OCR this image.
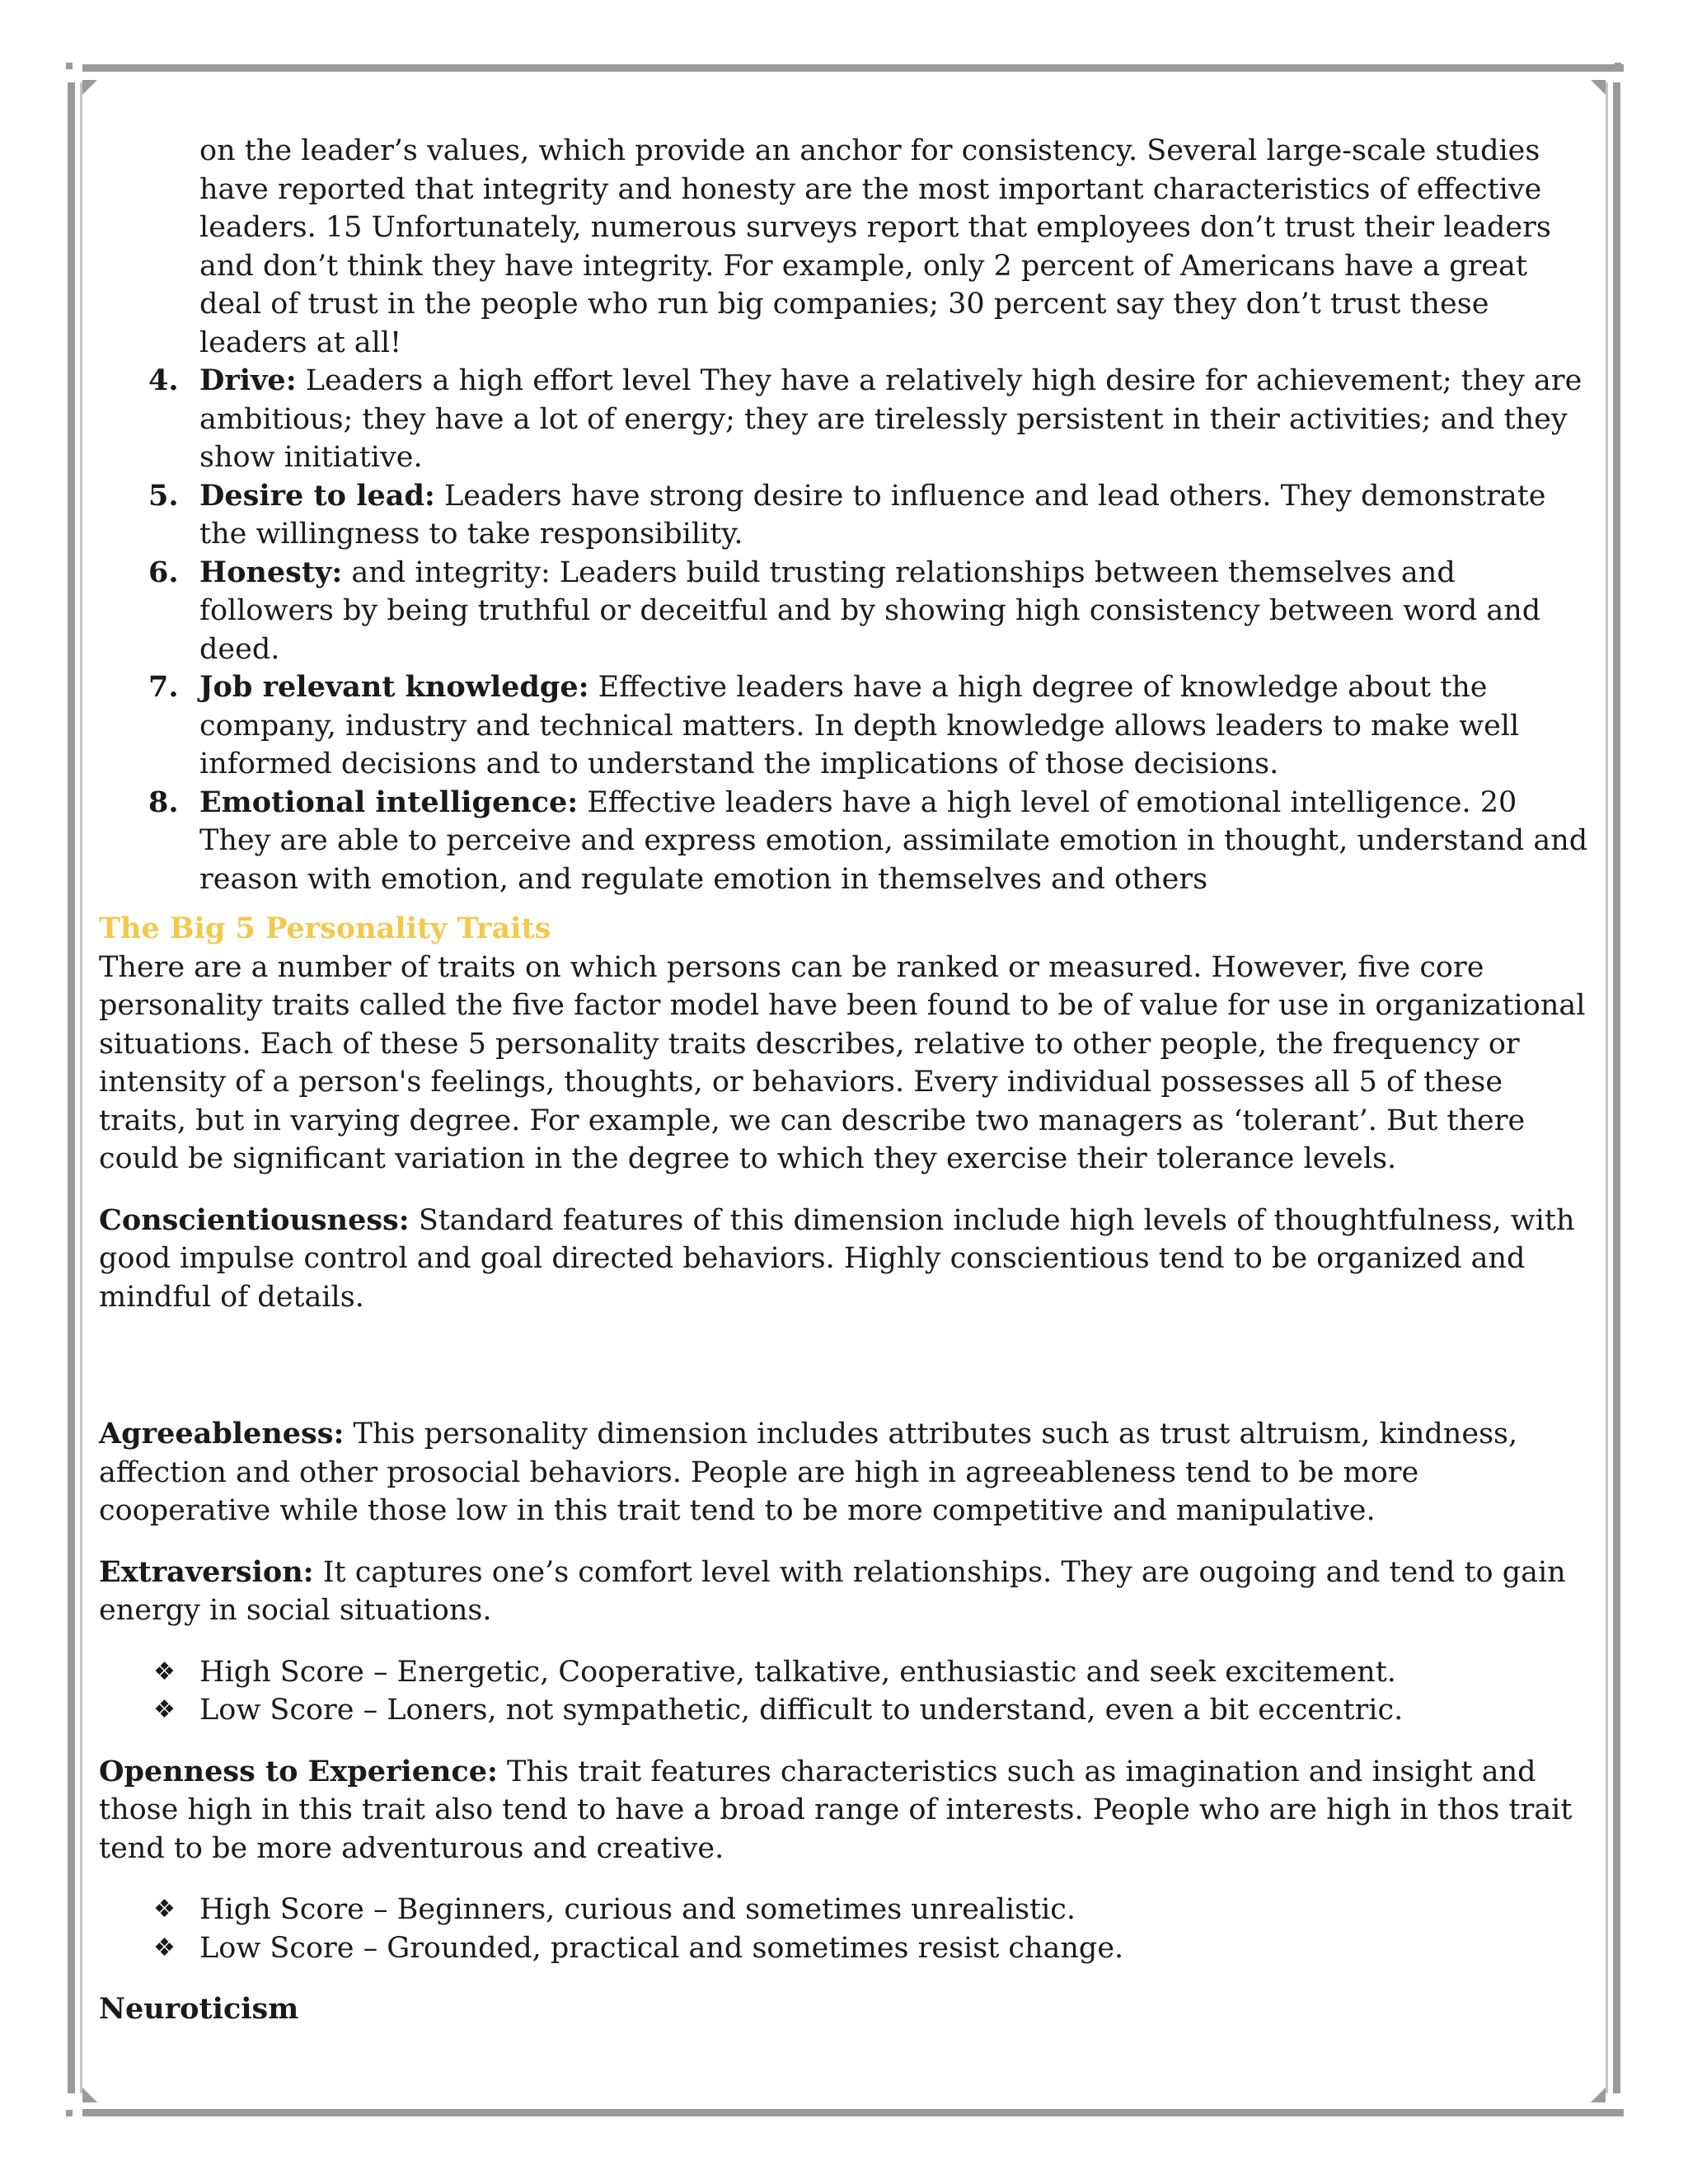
on the leader’s values, which provide an anchor for consistency. Several large-scale studies have reported that integrity and honesty are the most important characteristics of effective leaders. 15 Unfortunately, numerous surveys report that employees don’t trust their leaders and don’t think they have integrity. For example, only 2 percent of Americans have a great deal of trust in the people who run big companies; 30 percent say they don’t trust these leaders at all!

4. Drive: Leaders a high effort level They have a relatively high desire for achievement; they are ambitious; they have a lot of energy; they are tirelessly persistent in their activities; and they show initiative.
5. Desire to lead: Leaders have strong desire to influence and lead others. They demonstrate the willingness to take responsibility.
6. Honesty: and integrity: Leaders build trusting relationships between themselves and followers by being truthful or deceitful and by showing high consistency between word and deed.
7. Job relevant knowledge: Effective leaders have a high degree of knowledge about the company, industry and technical matters. In depth knowledge allows leaders to make well informed decisions and to understand the implications of those decisions.
8. Emotional intelligence: Effective leaders have a high level of emotional intelligence. 20 They are able to perceive and express emotion, assimilate emotion in thought, understand and reason with emotion, and regulate emotion in themselves and others

The Big 5 Personality Traits

There are a number of traits on which persons can be ranked or measured. However, five core personality traits called the five factor model have been found to be of value for use in organizational situations. Each of these 5 personality traits describes, relative to other people, the frequency or intensity of a person's feelings, thoughts, or behaviors. Every individual possesses all 5 of these traits, but in varying degree. For example, we can describe two managers as ‘tolerant’. But there could be significant variation in the degree to which they exercise their tolerance levels.

Conscientiousness: Standard features of this dimension include high levels of thoughtfulness, with good impulse control and goal directed behaviors. Highly conscientious tend to be organized and mindful of details.

Agreeableness: This personality dimension includes attributes such as trust altruism, kindness, affection and other prosocial behaviors. People are high in agreeableness tend to be more cooperative while those low in this trait tend to be more competitive and manipulative.

Extraversion: It captures one’s comfort level with relationships. They are ougoing and tend to gain energy in social situations.

❖ High Score – Energetic, Cooperative, talkative, enthusiastic and seek excitement.
❖ Low Score – Loners, not sympathetic, difficult to understand, even a bit eccentric.

Openness to Experience: This trait features characteristics such as imagination and insight and those high in this trait also tend to have a broad range of interests. People who are high in thos trait tend to be more adventurous and creative.

❖ High Score – Beginners, curious and sometimes unrealistic.
❖ Low Score – Grounded, practical and sometimes resist change.

Neuroticism
